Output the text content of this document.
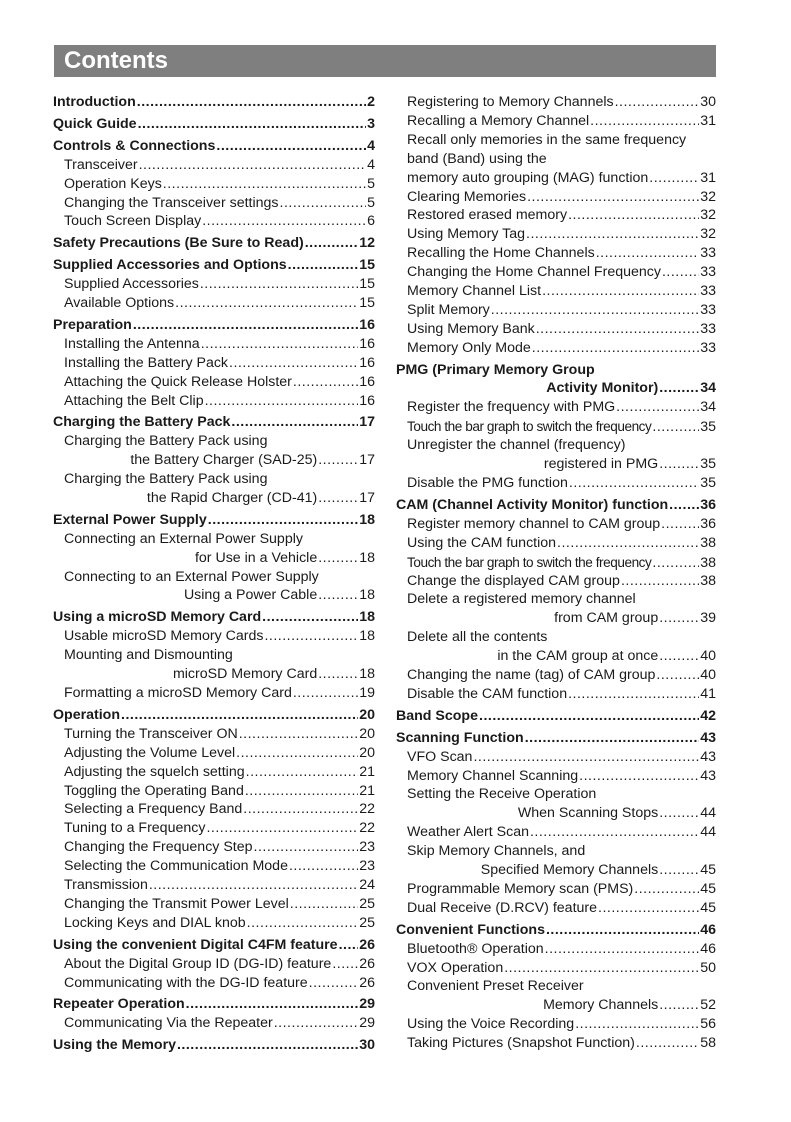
Contents
Introduction .....	2
Quick Guide .....	3
Controls & Connections .....	4
Transceiver .....	4
Operation Keys .....	5
Changing the Transceiver settings .....	5
Touch Screen Display .....	6
Safety Precautions (Be Sure to Read) .....	12
Supplied Accessories and Options .....	15
Supplied Accessories .....	15
Available Options .....	15
Preparation .....	16
Installing the Antenna .....	16
Installing the Battery Pack .....	16
Attaching the Quick Release Holster .....	16
Attaching the Belt Clip .....	16
Charging the Battery Pack .....	17
Charging the Battery Pack using
the Battery Charger (SAD-25) .....	17
Charging the Battery Pack using
the Rapid Charger (CD-41) .....	17
External Power Supply .....	18
Connecting an External Power Supply
for Use in a Vehicle .....	18
Connecting to an External Power Supply
Using a Power Cable .....	18
Using a microSD Memory Card .....	18
Usable microSD Memory Cards .....	18
Mounting and Dismounting
microSD Memory Card .....	18
Formatting a microSD Memory Card .....	19
Operation .....	20
Turning the Transceiver ON .....	20
Adjusting the Volume Level .....	20
Adjusting the squelch setting .....	21
Toggling the Operating Band .....	21
Selecting a Frequency Band .....	22
Tuning to a Frequency .....	22
Changing the Frequency Step .....	23
Selecting the Communication Mode .....	23
Transmission .....	24
Changing the Transmit Power Level .....	25
Locking Keys and DIAL knob .....	25
Using the convenient Digital C4FM feature ..... 26
About the Digital Group ID (DG-ID) feature ..... 26
Communicating with the DG-ID feature .....	26
Repeater Operation .....	29
Communicating Via the Repeater .....	29
Using the Memory .....	30
Registering to Memory Channels .....	30
Recalling a Memory Channel .....	31
Recall only memories in the same frequency
band (Band) using the
memory auto grouping (MAG) function .....	31
Clearing Memories .....	32
Restored erased memory .....	32
Using Memory Tag .....	32
Recalling the Home Channels .....	33
Changing the Home Channel Frequency .....	33
Memory Channel List .....	33
Split Memory .....	33
Using Memory Bank .....	33
Memory Only Mode .....	33
PMG (Primary Memory Group
Activity Monitor) .....	34
Register the frequency with PMG .....	34
Touch the bar graph to switch the frequency .....	35
Unregister the channel (frequency)
registered in PMG .....	35
Disable the PMG function .....	35
CAM (Channel Activity Monitor) function ..... 36
Register memory channel to CAM group .....	36
Using the CAM function .....	38
Touch the bar graph to switch the frequency .....	38
Change the displayed CAM group .....	38
Delete a registered memory channel
from CAM group .....	39
Delete all the contents
in the CAM group at once .....	40
Changing the name (tag) of CAM group .....	40
Disable the CAM function .....	41
Band Scope .....	42
Scanning Function .....	43
VFO Scan .....	43
Memory Channel Scanning .....	43
Setting the Receive Operation
When Scanning Stops .....	44
Weather Alert Scan .....	44
Skip Memory Channels, and
Specified Memory Channels .....	45
Programmable Memory scan (PMS) .....	45
Dual Receive (D.RCV) feature .....	45
Convenient Functions .....	46
Bluetooth® Operation .....	46
VOX Operation .....	50
Convenient Preset Receiver
Memory Channels .....	52
Using the Voice Recording .....	56
Taking Pictures (Snapshot Function) .....	58
